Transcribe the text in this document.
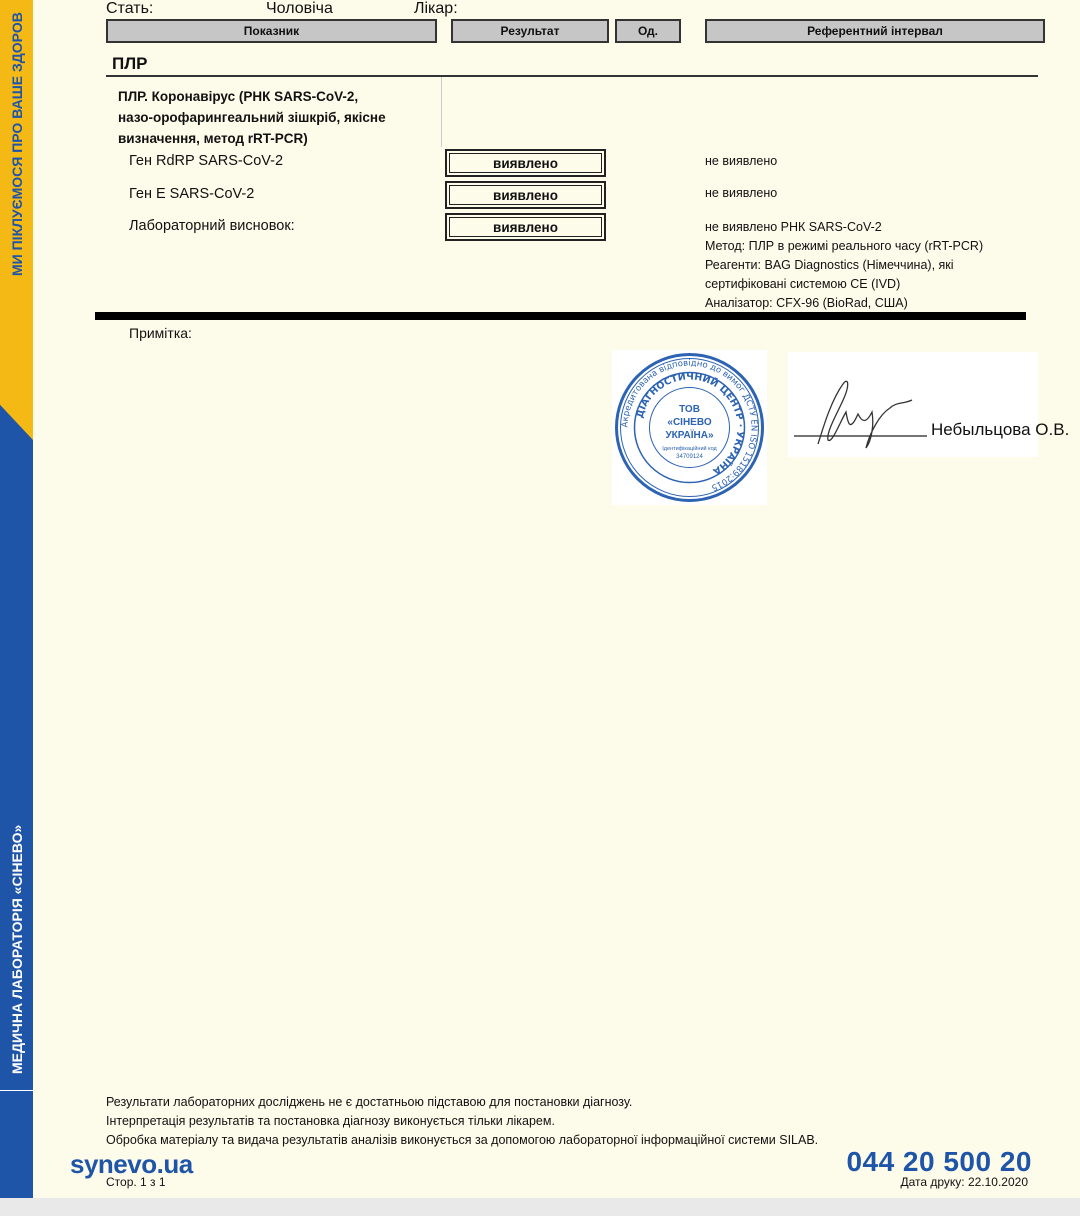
МИ ПІКЛУЄМОСЯ ПРО ВАШЕ ЗДОРОВ
МЕДИЧНА ЛАБОРАТОРІЯ «СІНЕВО»
Стать:	Чоловіча	Лікар:
Показник	Результат	Од.	Референтний інтервал
ПЛР
ПЛР. Коронавірус (РНК SARS-CoV-2,
назо-орофарингеальний зішкріб, якісне
визначення, метод rRT-PCR)
Ген RdRP SARS-CoV-2	виявлено	не виявлено
Ген E SARS-CoV-2	виявлено	не виявлено
Лабораторний висновок:	виявлено	не виявлено РНК SARS-CoV-2
Метод: ПЛР в режимі реального часу (rRT-PCR)
Реагенти: BAG Diagnostics (Німеччина), які
сертифіковані системою CE (IVD)
Аналізатор: CFX-96 (BioRad, США)
Примітка:
Акредитована відповідно до вимог ДСТУ EN ISO 15189:2015
ДІАГНОСТИЧНИЙ ЦЕНТР · УКРАЇНА
ТОВ
«СІНЕВО
УКРАЇНА»
Ідентифікаційний код
34709124
Небыльцова О.В.
Результати лабораторних досліджень не є достатньою підставою для постановки діагнозу.
Інтерпретація результатів та постановка діагнозу виконується тільки лікарем.
Обробка матеріалу та видача результатів аналізів виконується за допомогою лабораторної інформаційної системи SILAB.
synevo.ua
Стор. 1 з 1
044 20 500 20
Дата друку: 22.10.2020
